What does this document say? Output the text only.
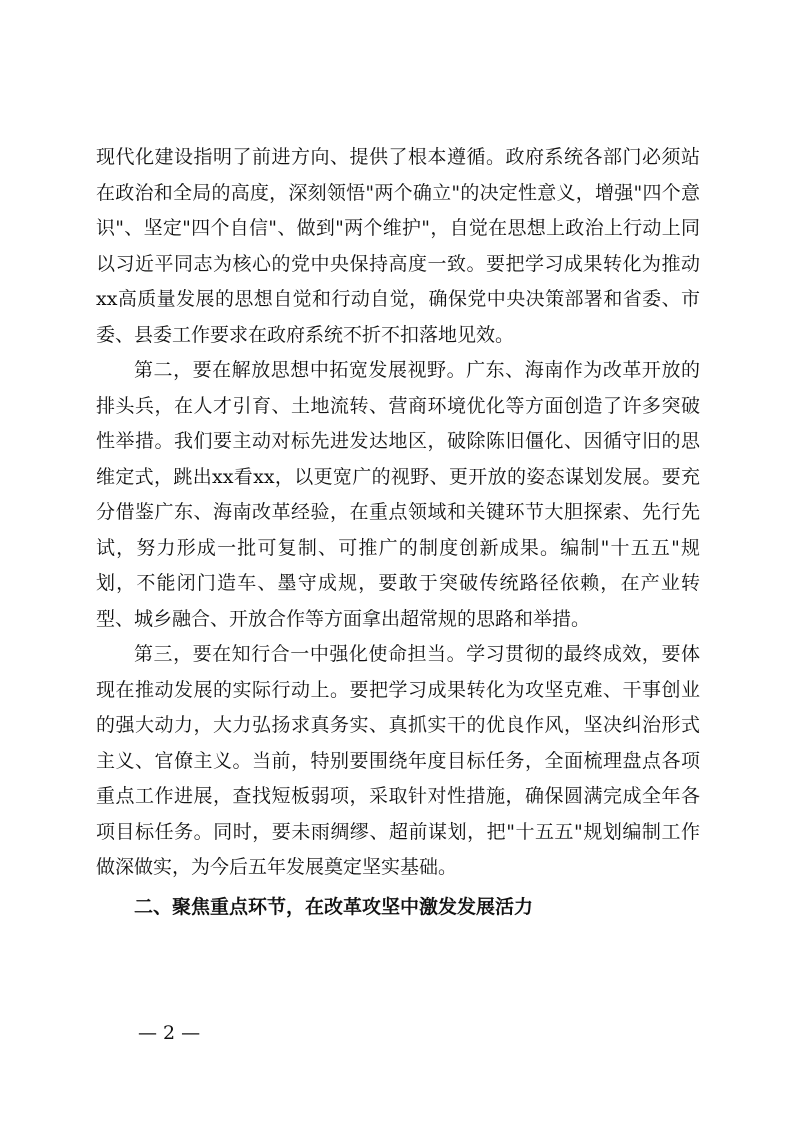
现代化建设指明了前进方向、提供了根本遵循。政府系统各部门必须站在政治和全局的高度，深刻领悟"两个确立"的决定性意义，增强"四个意识"、坚定"四个自信"、做到"两个维护"，自觉在思想上政治上行动上同以习近平同志为核心的党中央保持高度一致。要把学习成果转化为推动xx高质量发展的思想自觉和行动自觉，确保党中央决策部署和省委、市委、县委工作要求在政府系统不折不扣落地见效。

第二，要在解放思想中拓宽发展视野。广东、海南作为改革开放的排头兵，在人才引育、土地流转、营商环境优化等方面创造了许多突破性举措。我们要主动对标先进发达地区，破除陈旧僵化、因循守旧的思维定式，跳出xx看xx，以更宽广的视野、更开放的姿态谋划发展。要充分借鉴广东、海南改革经验，在重点领域和关键环节大胆探索、先行先试，努力形成一批可复制、可推广的制度创新成果。编制"十五五"规划，不能闭门造车、墨守成规，要敢于突破传统路径依赖，在产业转型、城乡融合、开放合作等方面拿出超常规的思路和举措。

第三，要在知行合一中强化使命担当。学习贯彻的最终成效，要体现在推动发展的实际行动上。要把学习成果转化为攻坚克难、干事创业的强大动力，大力弘扬求真务实、真抓实干的优良作风，坚决纠治形式主义、官僚主义。当前，特别要围绕年度目标任务，全面梳理盘点各项重点工作进展，查找短板弱项，采取针对性措施，确保圆满完成全年各项目标任务。同时，要未雨绸缪、超前谋划，把"十五五"规划编制工作做深做实，为今后五年发展奠定坚实基础。

二、聚焦重点环节，在改革攻坚中激发发展活力

— 2 —
